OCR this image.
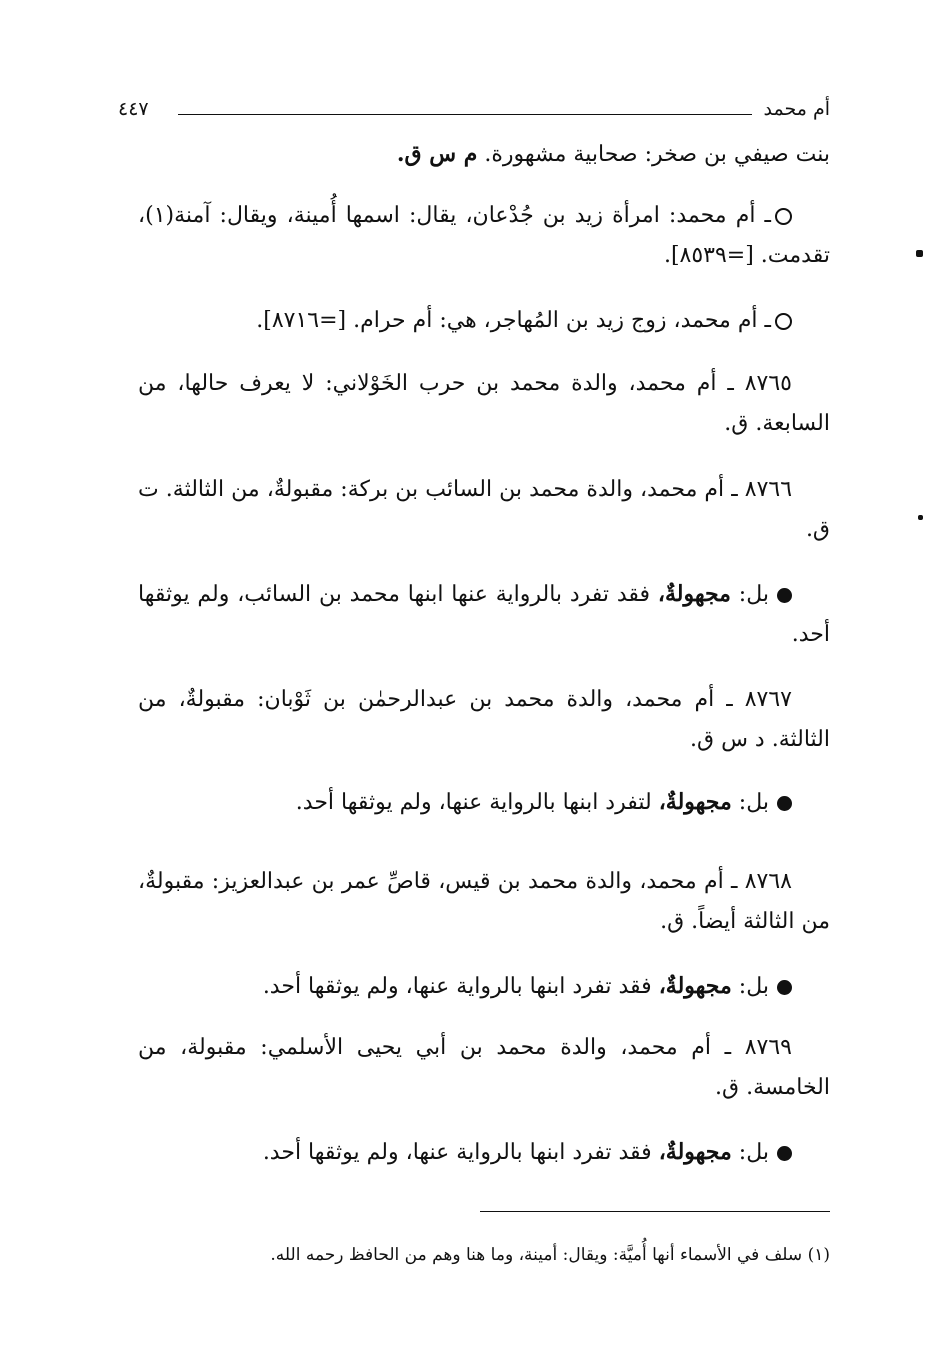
أم محمد
٤٤٧

بنت صيفي بن صخر: صحابية مشهورة. م س ق.

ـ أم محمد: امرأة زيد بن جُدْعان، يقال: اسمها أُمينة، ويقال: آمنة(١)، تقدمت. [=٨٥٣٩].

ـ أم محمد، زوج زيد بن المُهاجر، هي: أم حرام. [=٨٧١٦].

٨٧٦٥ ـ أم محمد، والدة محمد بن حرب الخَوْلاني: لا يعرف حالها، من السابعة. ق.

٨٧٦٦ ـ أم محمد، والدة محمد بن السائب بن بركة: مقبولةٌ، من الثالثة. ت ق.

بل: مجهولةٌ، فقد تفرد بالرواية عنها ابنها محمد بن السائب، ولم يوثقها أحد.

٨٧٦٧ ـ أم محمد، والدة محمد بن عبدالرحمٰن بن ثَوْبان: مقبولةٌ، من الثالثة. د س ق.

بل: مجهولةٌ، لتفرد ابنها بالرواية عنها، ولم يوثقها أحد.

٨٧٦٨ ـ أم محمد، والدة محمد بن قيس، قاصِّ عمر بن عبدالعزيز: مقبولةٌ، من الثالثة أيضاً. ق.

بل: مجهولةٌ، فقد تفرد ابنها بالرواية عنها، ولم يوثقها أحد.

٨٧٦٩ ـ أم محمد، والدة محمد بن أبي يحيى الأسلمي: مقبولة، من الخامسة. ق.

بل: مجهولةٌ، فقد تفرد ابنها بالرواية عنها، ولم يوثقها أحد.

(١) سلف في الأسماء أنها أُميَّة: ويقال: أمينة، وما هنا وهم من الحافظ رحمه الله.
